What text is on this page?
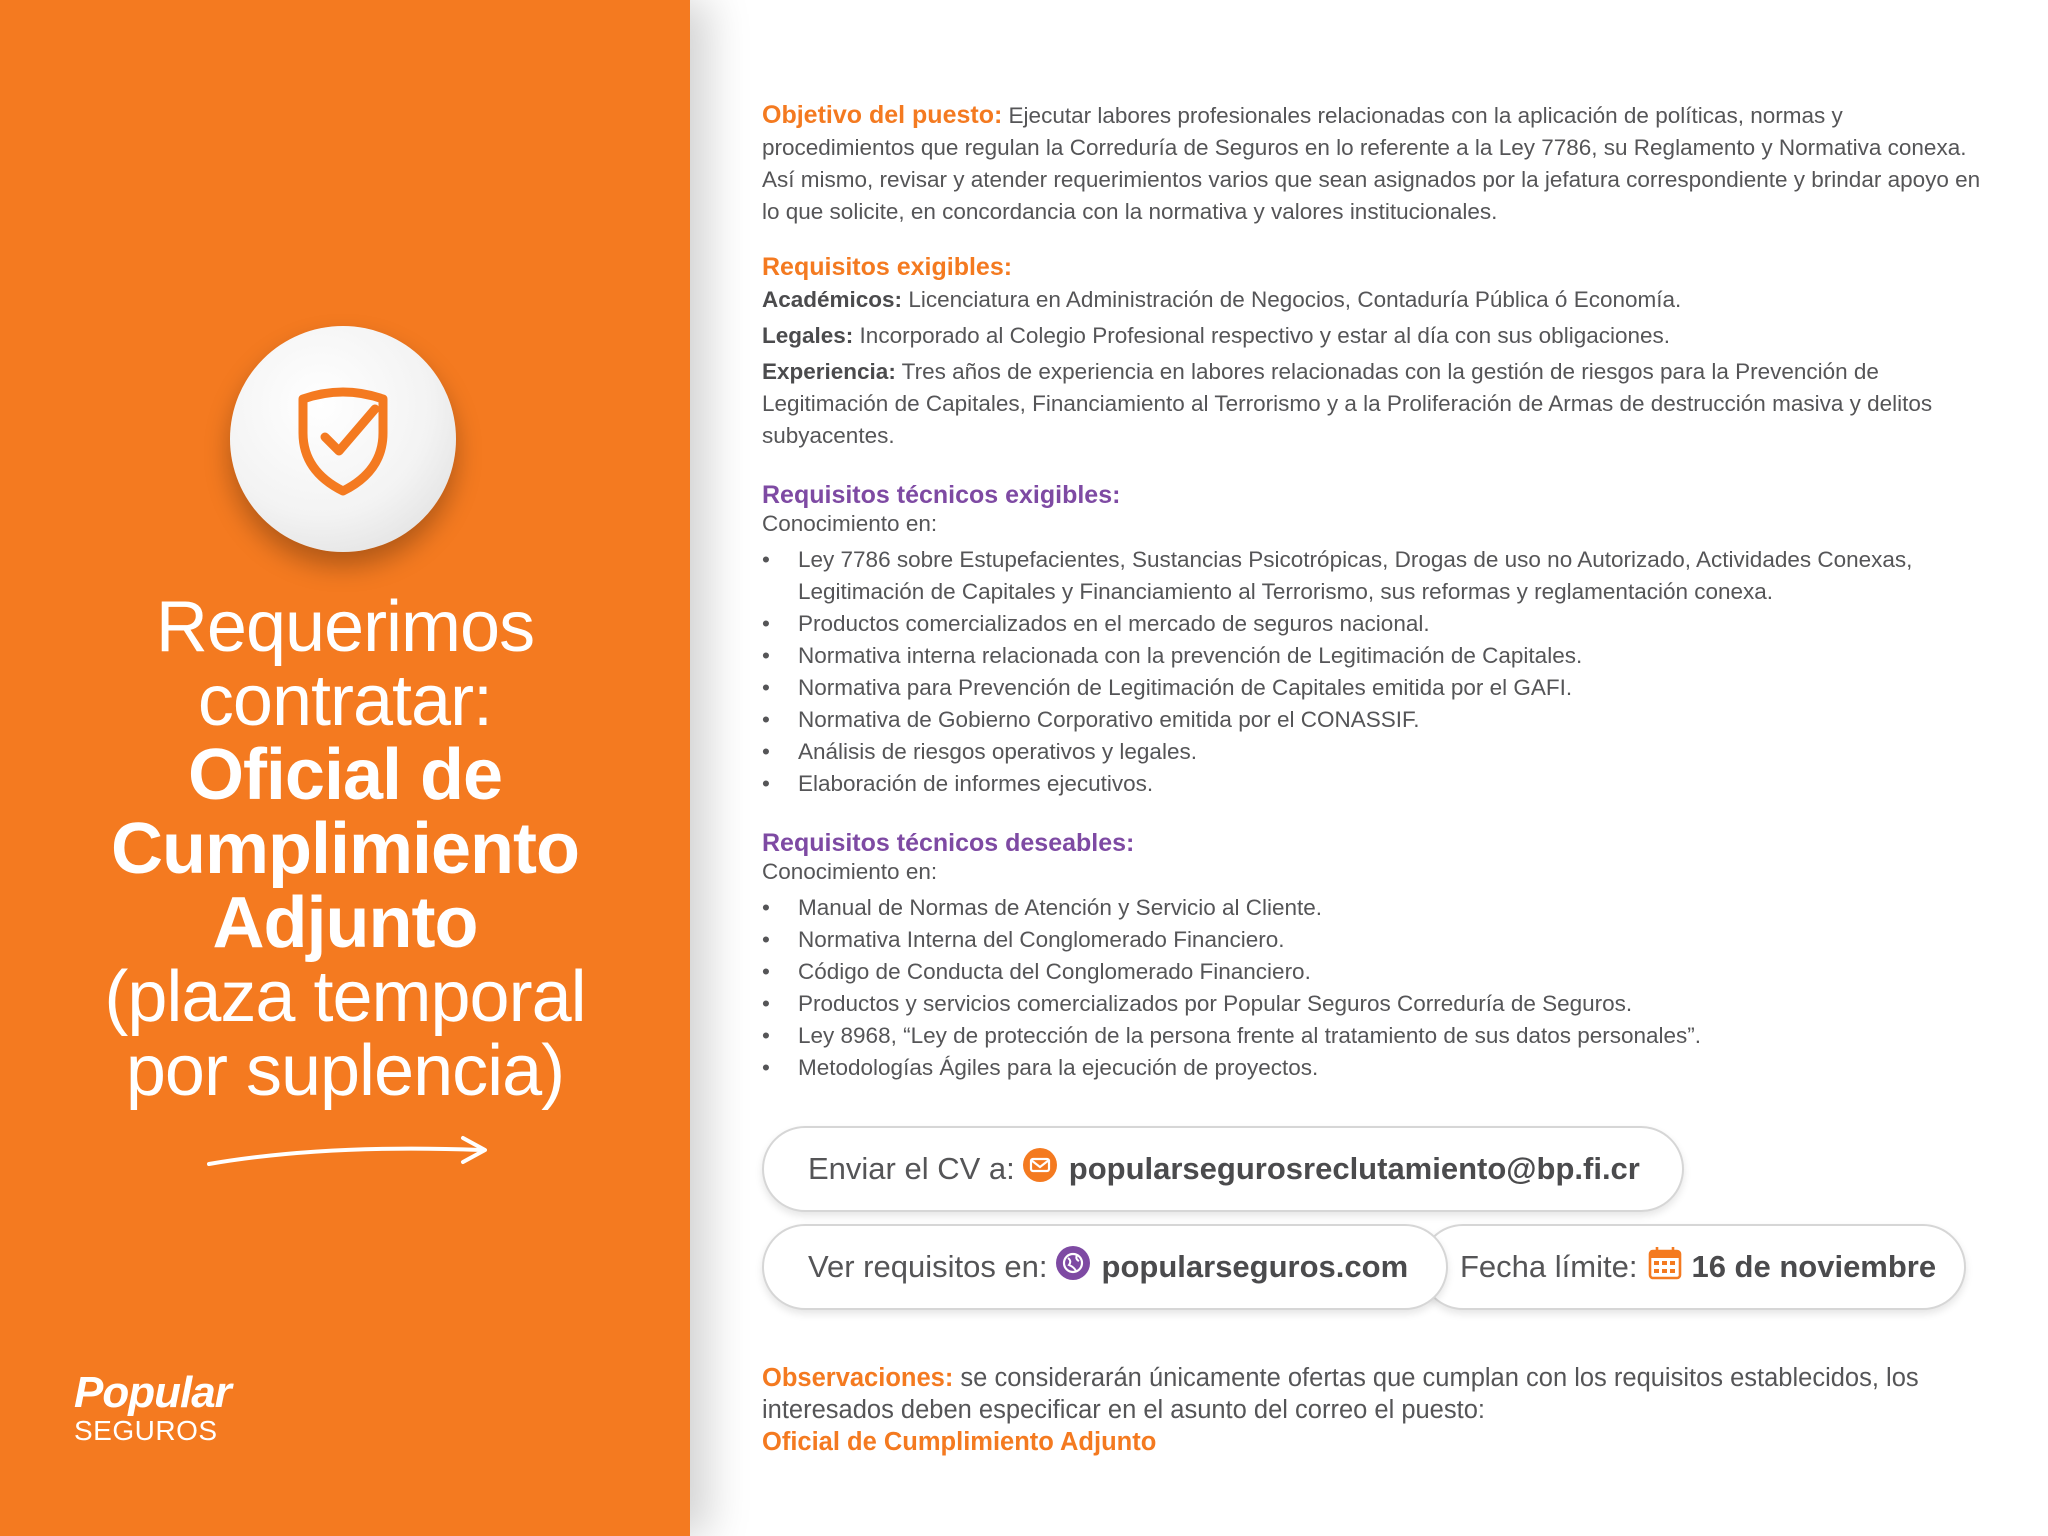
Requerimos
contratar:
Oficial de
Cumplimiento
Adjunto
(plaza temporal
por suplencia)
Popular
SEGUROS

Objetivo del puesto: Ejecutar labores profesionales relacionadas con la aplicación de políticas, normas y procedimientos que regulan la Correduría de Seguros en lo referente a la Ley 7786, su Reglamento y Normativa conexa. Así mismo, revisar y atender requerimientos varios que sean asignados por la jefatura correspondiente y brindar apoyo en lo que solicite, en concordancia con la normativa y valores institucionales.

Requisitos exigibles:

Académicos: Licenciatura en Administración de Negocios, Contaduría Pública ó Economía.

Legales: Incorporado al Colegio Profesional respectivo y estar al día con sus obligaciones.

Experiencia: Tres años de experiencia en labores relacionadas con la gestión de riesgos para la Prevención de Legitimación de Capitales, Financiamiento al Terrorismo y a la Proliferación de Armas de destrucción masiva y delitos subyacentes.

Requisitos técnicos exigibles:

Conocimiento en:

• Ley 7786 sobre Estupefacientes, Sustancias Psicotrópicas, Drogas de uso no Autorizado, Actividades Conexas, Legitimación de Capitales y Financiamiento al Terrorismo, sus reformas y reglamentación conexa.
• Productos comercializados en el mercado de seguros nacional.
• Normativa interna relacionada con la prevención de Legitimación de Capitales.
• Normativa para Prevención de Legitimación de Capitales emitida por el GAFI.
• Normativa de Gobierno Corporativo emitida por el CONASSIF.
• Análisis de riesgos operativos y legales.
• Elaboración de informes ejecutivos.

Requisitos técnicos deseables:

Conocimiento en:

• Manual de Normas de Atención y Servicio al Cliente.
• Normativa Interna del Conglomerado Financiero.
• Código de Conducta del Conglomerado Financiero.
• Productos y servicios comercializados por Popular Seguros Correduría de Seguros.
• Ley 8968, “Ley de protección de la persona frente al tratamiento de sus datos personales”.
• Metodologías Ágiles para la ejecución de proyectos.
Enviar el CV a: popularsegurosreclutamiento@bp.fi.cr
Ver requisitos en: popularseguros.com Fecha límite: 16 de noviembre
Observaciones: se considerarán únicamente ofertas que cumplan con los requisitos establecidos, los interesados deben especificar en el asunto del correo el puesto:
Oficial de Cumplimiento Adjunto
